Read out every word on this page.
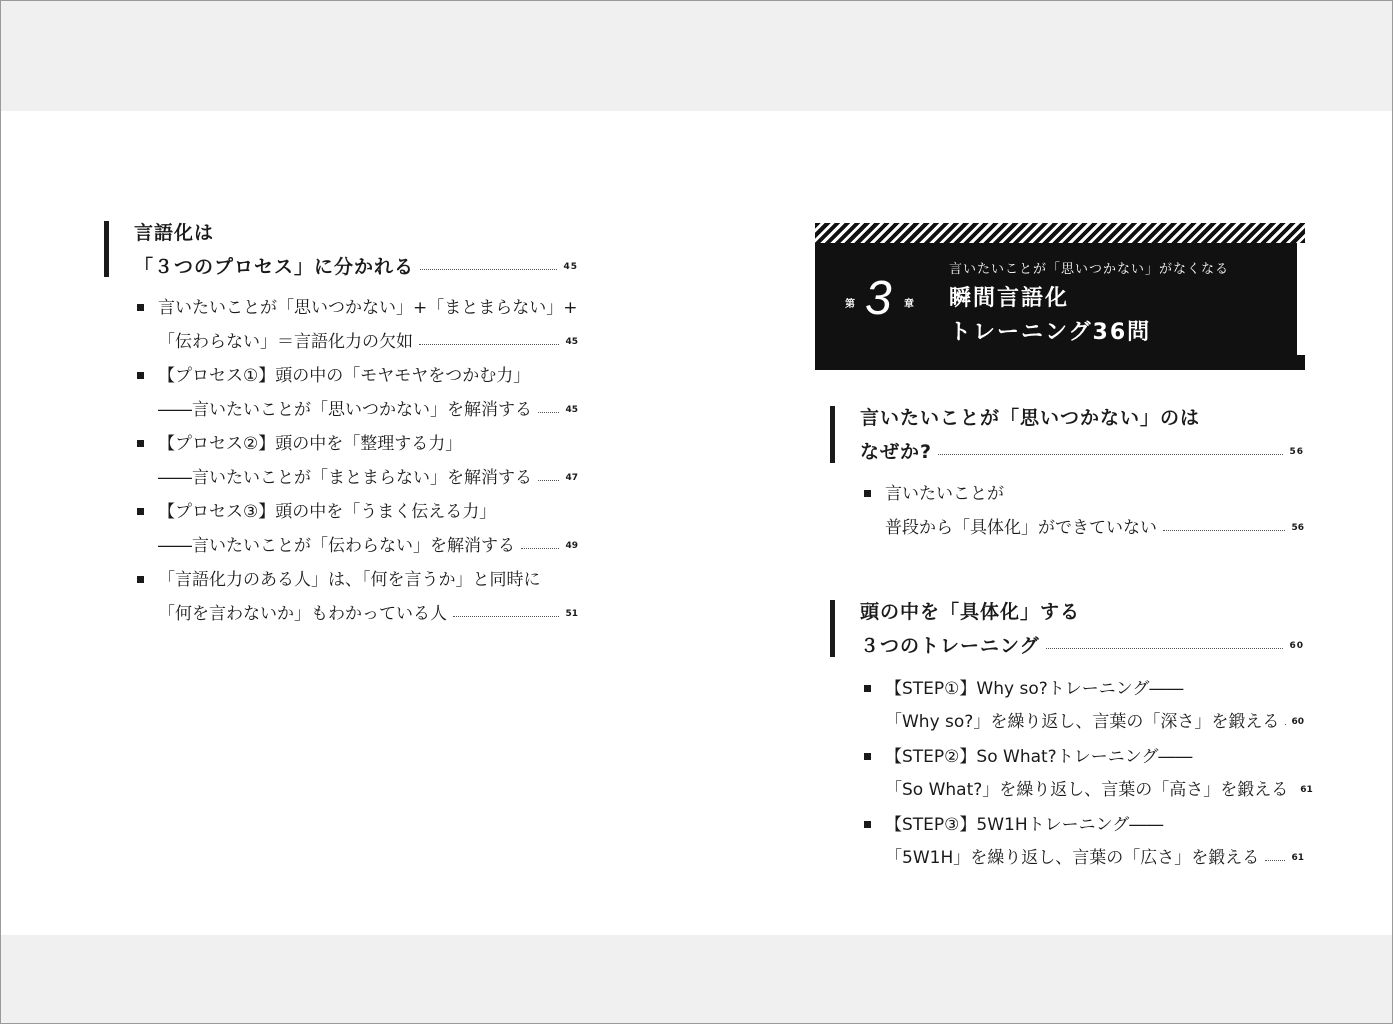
言語化は
「３つのプロセス」に分かれる	45
言いたいことが「思いつかない」+「まとまらない」+
「伝わらない」＝言語化力の欠如	45
【プロセス①】頭の中の「モヤモヤをつかむ力」
――言いたいことが「思いつかない」を解消する	45
【プロセス②】頭の中を「整理する力」
――言いたいことが「まとまらない」を解消する	47
【プロセス③】頭の中を「うまく伝える力」
――言いたいことが「伝わらない」を解消する	49
「言語化力のある人」は、「何を言うか」と同時に
「何を言わないか」もわかっている人	51
第 3 章
言いたいことが「思いつかない」がなくなる
瞬間言語化
トレーニング36問
言いたいことが「思いつかない」のは
なぜか?	56
言いたいことが
普段から「具体化」ができていない	56
頭の中を「具体化」する
３つのトレーニング	60
【STEP①】Why so?トレーニング――
「Why so?」を繰り返し、言葉の「深さ」を鍛える 60
【STEP②】So What?トレーニング――
「So What?」を繰り返し、言葉の「高さ」を鍛える 61
【STEP③】5W1Hトレーニング――
「5W1H」を繰り返し、言葉の「広さ」を鍛える	61
